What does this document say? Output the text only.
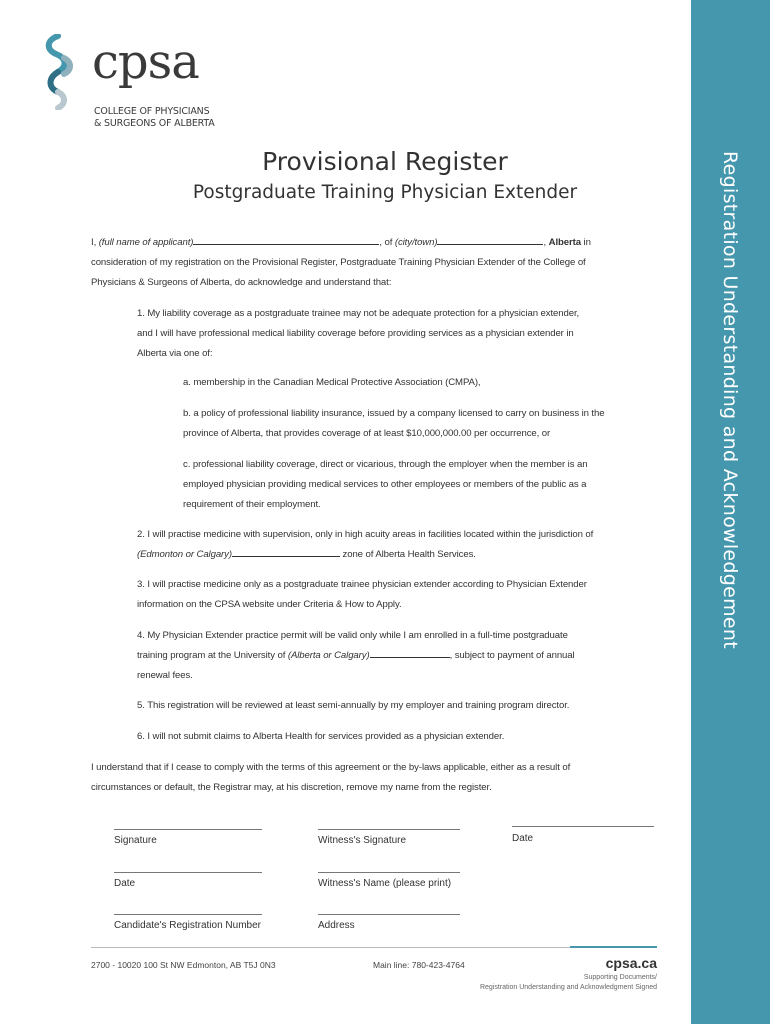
Registration Understanding and Acknowledgement
cpsa
COLLEGE OF PHYSICIANS
& SURGEONS OF ALBERTA
Provisional Register
Postgraduate Training Physician Extender
I, (full name of applicant)	, of (city/town)	, Alberta in
consideration of my registration on the Provisional Register, Postgraduate Training Physician Extender of the College of
Physicians & Surgeons of Alberta, do acknowledge and understand that:
1. My liability coverage as a postgraduate trainee may not be adequate protection for a physician extender,
and I will have professional medical liability coverage before providing services as a physician extender in
Alberta via one of:
a. membership in the Canadian Medical Protective Association (CMPA),
b. a policy of professional liability insurance, issued by a company licensed to carry on business in the
province of Alberta, that provides coverage of at least $10,000,000.00 per occurrence, or
c. professional liability coverage, direct or vicarious, through the employer when the member is an
employed physician providing medical services to other employees or members of the public as a
requirement of their employment.
2. I will practise medicine with supervision, only in high acuity areas in facilities located within the jurisdiction of
(Edmonton or Calgary)	zone of Alberta Health Services.
3. I will practise medicine only as a postgraduate trainee physician extender according to Physician Extender
information on the CPSA website under Criteria & How to Apply.
4. My Physician Extender practice permit will be valid only while I am enrolled in a full-time postgraduate
training program at the University of (Alberta or Calgary)	, subject to payment of annual
renewal fees.
5. This registration will be reviewed at least semi-annually by my employer and training program director.
6. I will not submit claims to Alberta Health for services provided as a physician extender.
I understand that if I cease to comply with the terms of this agreement or the by-laws applicable, either as a result of
circumstances or default, the Registrar may, at his discretion, remove my name from the register.
Signature	Witness's Signature	Date
Date	Witness's Name (please print)
Candidate's Registration Number	Address
2700 - 10020 100 St NW Edmonton, AB T5J 0N3	Main line: 780-423-4764	cpsa.ca
Supporting Documents/
Registration Understanding and Acknowledgment Signed
